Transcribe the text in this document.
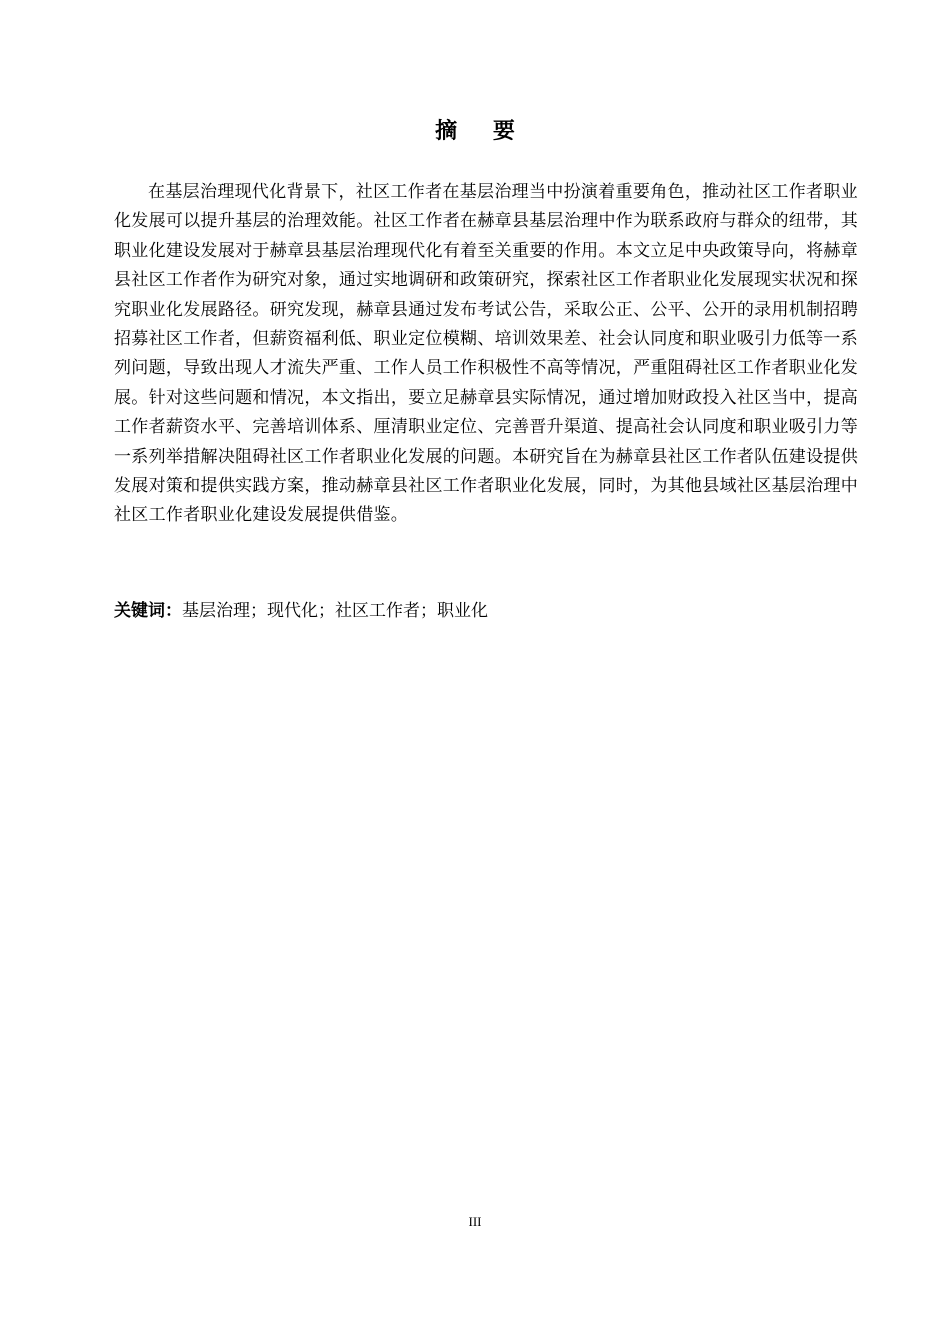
摘 要

在基层治理现代化背景下，社区工作者在基层治理当中扮演着重要角色，推动社区工作者职业化发展可以提升基层的治理效能。社区工作者在赫章县基层治理中作为联系政府与群众的纽带，其职业化建设发展对于赫章县基层治理现代化有着至关重要的作用。本文立足中央政策导向，将赫章县社区工作者作为研究对象，通过实地调研和政策研究，探索社区工作者职业化发展现实状况和探究职业化发展路径。研究发现，赫章县通过发布考试公告，采取公正、公平、公开的录用机制招聘招募社区工作者，但薪资福利低、职业定位模糊、培训效果差、社会认同度和职业吸引力低等一系列问题，导致出现人才流失严重、工作人员工作积极性不高等情况，严重阻碍社区工作者职业化发展。针对这些问题和情况，本文指出，要立足赫章县实际情况，通过增加财政投入社区当中，提高工作者薪资水平、完善培训体系、厘清职业定位、完善晋升渠道、提高社会认同度和职业吸引力等一系列举措解决阻碍社区工作者职业化发展的问题。本研究旨在为赫章县社区工作者队伍建设提供发展对策和提供实践方案，推动赫章县社区工作者职业化发展，同时，为其他县域社区基层治理中社区工作者职业化建设发展提供借鉴。

关键词：基层治理；现代化；社区工作者；职业化

III
